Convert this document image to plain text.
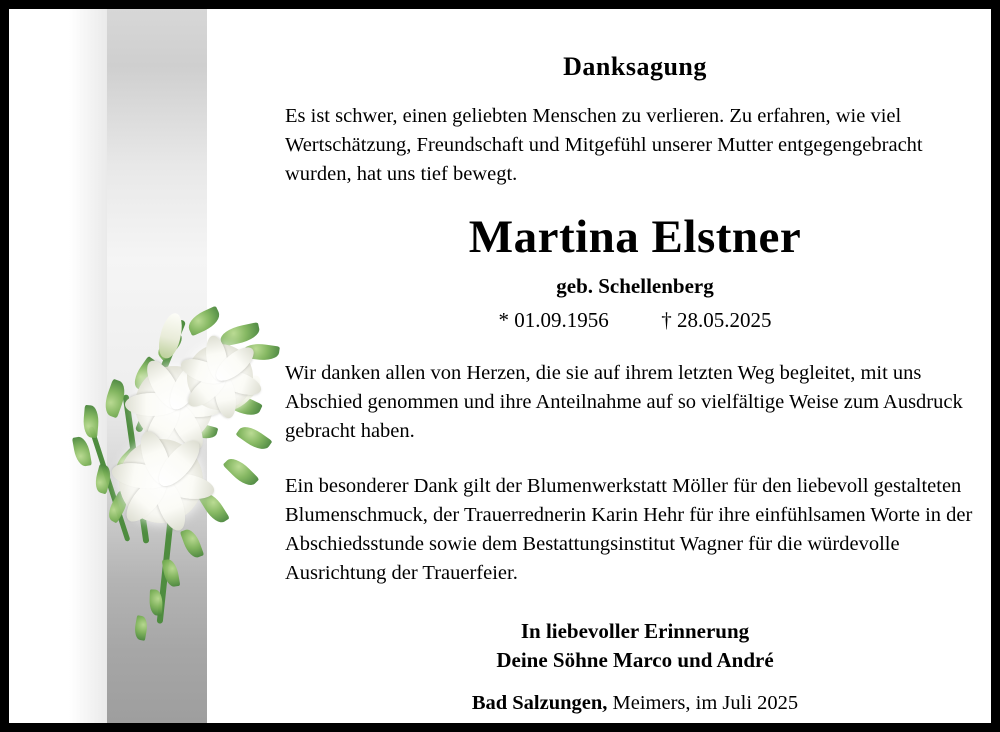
Danksagung

Es ist schwer, einen geliebten Menschen zu verlieren. Zu erfahren, wie viel Wertschätzung, Freundschaft und Mitgefühl unserer Mutter entgegengebracht wurden, hat uns tief bewegt.

Martina Elstner
geb. Schellenberg
* 01.09.1956	† 28.05.2025

Wir danken allen von Herzen, die sie auf ihrem letzten Weg begleitet, mit uns Abschied genommen und ihre Anteilnahme auf so vielfältige Weise zum Ausdruck gebracht haben.

Ein besonderer Dank gilt der Blumenwerkstatt Möller für den liebevoll gestalteten Blumenschmuck, der Trauerrednerin Karin Hehr für ihre einfühlsamen Worte in der Abschiedsstunde sowie dem Bestattungsinstitut Wagner für die würdevolle Ausrichtung der Trauerfeier.

In liebevoller Erinnerung
Deine Söhne Marco und André
Bad Salzungen, Meimers, im Juli 2025
